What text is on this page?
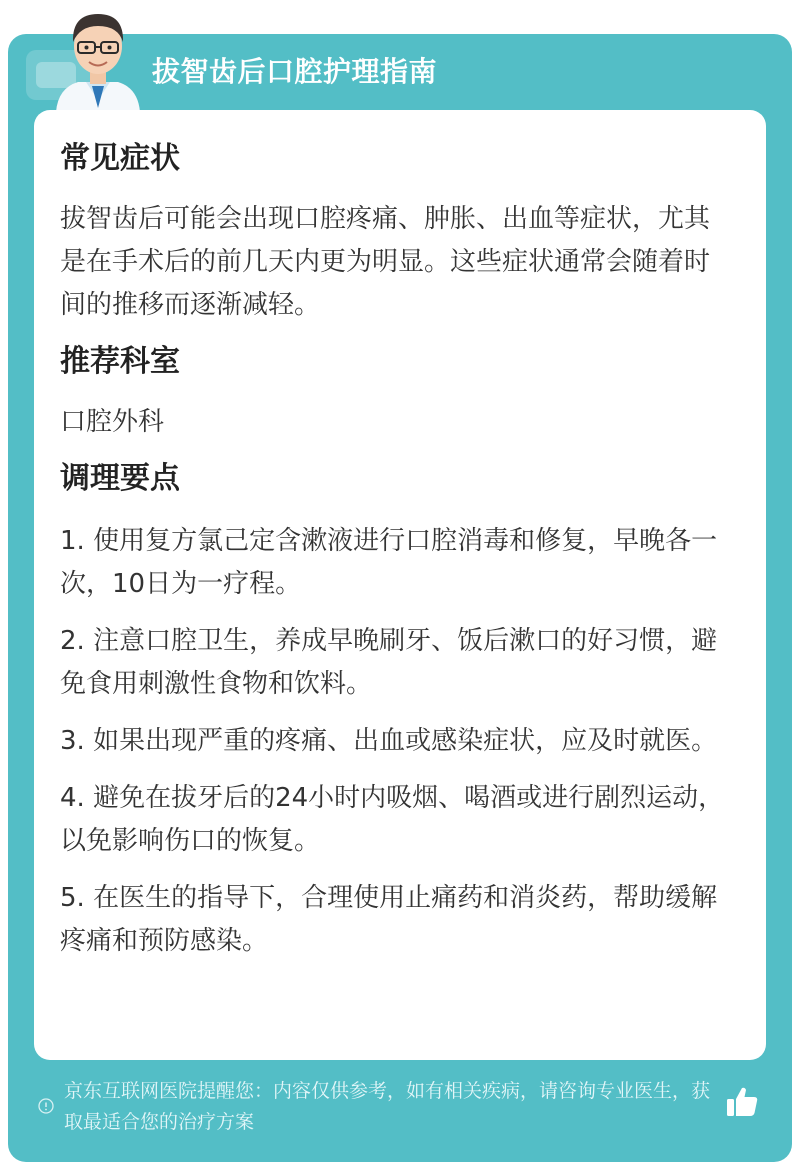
拔智齿后口腔护理指南
常见症状

拔智齿后可能会出现口腔疼痛、肿胀、出血等症状，尤其是在手术后的前几天内更为明显。这些症状通常会随着时间的推移而逐渐减轻。

推荐科室

口腔外科

调理要点

1. 使用复方氯己定含漱液进行口腔消毒和修复，早晚各一次，10日为一疗程。

2. 注意口腔卫生，养成早晚刷牙、饭后漱口的好习惯，避免食用刺激性食物和饮料。

3. 如果出现严重的疼痛、出血或感染症状，应及时就医。

4. 避免在拔牙后的24小时内吸烟、喝酒或进行剧烈运动，以免影响伤口的恢复。

5. 在医生的指导下，合理使用止痛药和消炎药，帮助缓解疼痛和预防感染。

京东互联网医院提醒您：内容仅供参考，如有相关疾病，请咨询专业医生，获取最适合您的治疗方案
